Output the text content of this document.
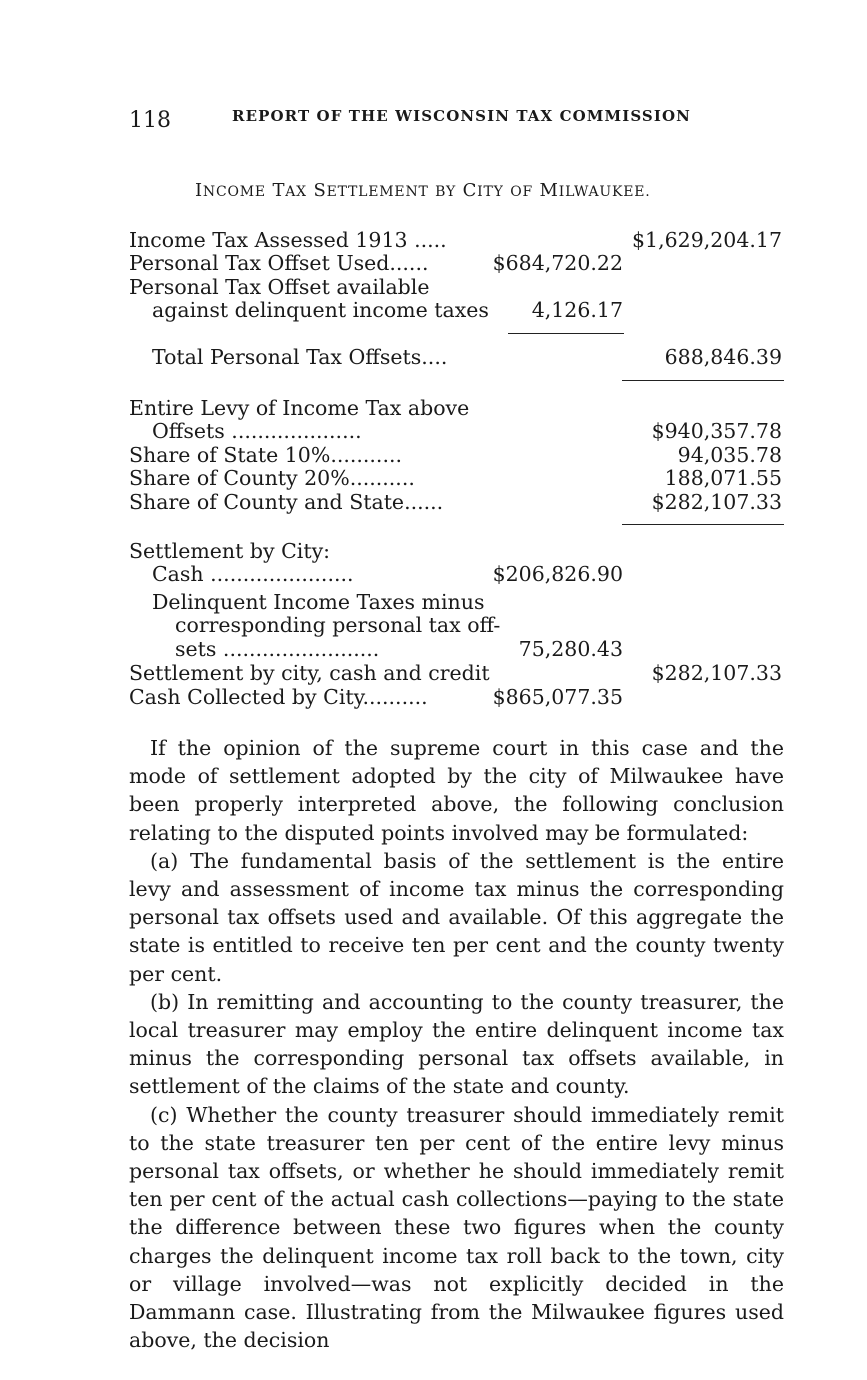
118	REPORT OF THE WISCONSIN TAX COMMISSION
INCOME TAX SETTLEMENT BY CITY OF MILWAUKEE.
Income Tax Assessed 1913 .....	$1,629,204.17
Personal Tax Offset Used......	$684,720.22
Personal Tax Offset available
against delinquent income taxes 4,126.17
Total Personal Tax Offsets....	688,846.39
Entire Levy of Income Tax above
Offsets ....................	$940,357.78
Share of State 10%...........	94,035.78
Share of County 20%..........	188,071.55
Share of County and State......	$282,107.33
Settlement by City:
Cash ......................	$206,826.90
Delinquent Income Taxes minus
corresponding personal tax off-
sets ........................	75,280.43
Settlement by city, cash and credit	$282,107.33
Cash Collected by City..........	$865,077.35

If the opinion of the supreme court in this case and the mode of settlement adopted by the city of Milwaukee have been properly interpreted above, the following conclusion relating to the disputed points involved may be formulated:

(a) The fundamental basis of the settlement is the entire levy and assessment of income tax minus the corresponding personal tax offsets used and available. Of this aggregate the state is entitled to receive ten per cent and the county twenty per cent.

(b) In remitting and accounting to the county treasurer, the local treasurer may employ the entire delinquent income tax minus the corresponding personal tax offsets available, in settlement of the claims of the state and county.

(c) Whether the county treasurer should immediately remit to the state treasurer ten per cent of the entire levy minus personal tax offsets, or whether he should immediately remit ten per cent of the actual cash collections—paying to the state the difference between these two figures when the county charges the delinquent income tax roll back to the town, city or village involved—was not explicitly decided in the Dammann case. Illustrating from the Milwaukee figures used above, the decision
